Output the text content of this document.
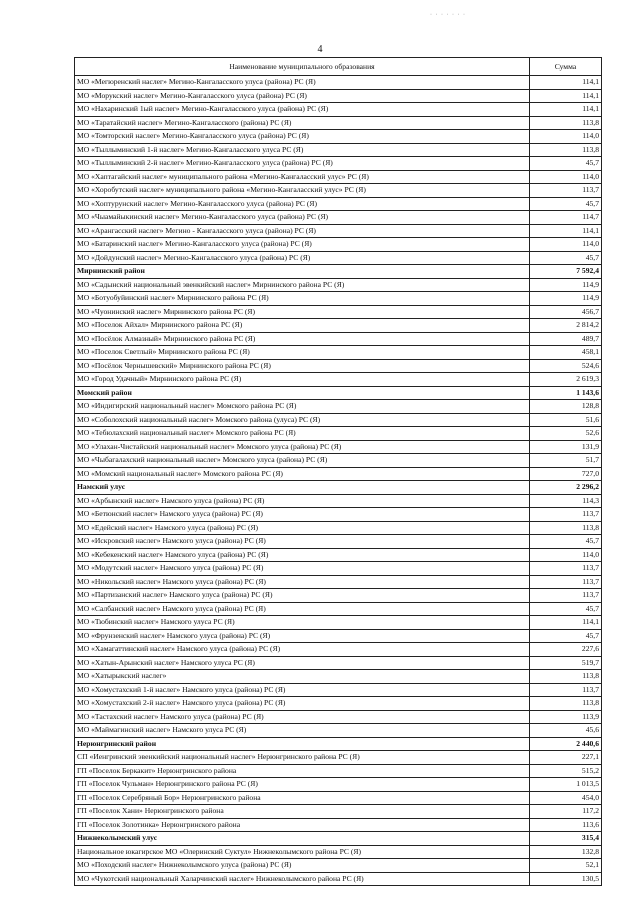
· · · · · · ·
4
Наименование муниципального образования	Сумма
МО «Мегюренский наслег» Мегино-Кангаласского улуса (района) РС (Я)	114,1
МО «Морукский наслег» Мегино-Кангаласского улуса (района) РС (Я)	114,1
МО «Нахаринский 1ый наслег» Мегино-Кангаласского улуса (района) РС (Я)	114,1
МО «Таратайский наслег» Мегино-Кангаласского (района) РС (Я)	113,8
МО «Томторский наслег» Мегино-Кангаласского улуса (района) РС (Я)	114,0
МО «Тыллыминский 1-й наслег» Мегино-Кангаласского улуса РС (Я)	113,8
МО «Тыллыминский 2-й наслег» Мегино-Кангаласского улуса (района) РС (Я)	45,7
МО «Хаптагайский наслег» муниципального района «Мегино-Кангаласский улус» РС (Я)	114,0
МО «Хоробутский наслег» муниципального района «Мегино-Кангаласский улус» РС (Я)	113,7
МО «Хоптурунский наслег» Мегино-Кангаласского улуса (района) РС (Я)	45,7
МО «Чыамайыкинский наслег» Мегино-Кангаласского улуса (района) РС (Я)	114,7
МО «Арангасский наслег» Мегино - Кангаласского улуса (района) РС (Я)	114,1
МО «Батаринский наслег» Мегино-Кангаласского улуса (района) РС (Я)	114,0
МО «Дойдунский наслег» Мегино-Кангаласского улуса (района) РС (Я)	45,7
Мирнинский район	7 592,4
МО «Садынский национальный эвенкийский наслег» Мирнинского района РС (Я)	114,9
МО «Ботуобуйинский наслег» Мирнинского района РС (Я)	114,9
МО «Чуонинский наслег» Мирнинского района РС (Я)	456,7
МО «Поселок Айхал» Мирнинского района РС (Я)	2 814,2
МО «Посёлок Алмазный» Мирнинского района РС (Я)	489,7
МО «Поселок Светлый» Мирнинского района РС (Я)	458,1
МО «Посёлок Чернышевский» Мирнинского района РС (Я)	524,6
МО «Город Удачный» Мирнинского района РС (Я)	2 619,3
Момский район	1 143,6
МО «Индигирский национальный наслег» Момского района РС (Я)	128,8
МО «Соболохский национальный наслег» Момского района (улуса) РС (Я)	51,6
МО «Тебюлахский национальный наслег» Момского района РС (Я)	52,6
МО «Улахан-Чистайский национальный наслег» Момского улуса (района) РС (Я)	131,9
МО «Чыбагалахский национальный наслег» Момского улуса (района) РС (Я)	51,7
МО «Момский национальный наслег» Момского района РС (Я)	727,0
Намский улус	2 296,2
МО «Арбынский наслег» Намского улуса (района) РС (Я)	114,3
МО «Бетюнский наслег» Намского улуса (района) РС (Я)	113,7
МО «Едейский наслег» Намского улуса (района) РС (Я)	113,8
МО «Искровский наслег» Намского улуса (района) РС (Я)	45,7
МО «Кебекенский наслег» Намского улуса (района) РС (Я)	114,0
МО «Модутский наслег» Намского улуса (района) РС (Я)	113,7
МО «Никольский наслег» Намского улуса (района) РС (Я)	113,7
МО «Партизанский наслег» Намского улуса (района) РС (Я)	113,7
МО «Салбанский наслег» Намского улуса (района) РС (Я)	45,7
МО «Тюбинский наслег» Намского улуса РС (Я)	114,1
МО «Фрунзенский наслег» Намского улуса (района) РС (Я)	45,7
МО «Хамагаттинский наслег» Намского улуса (района) РС (Я)	227,6
МО «Хатын-Арынский наслег» Намского улуса РС (Я)	519,7
МО «Хатырыкский наслег»	113,8
МО «Хомустахский 1-й наслег» Намского улуса (района) РС (Я)	113,7
МО «Хомустахский 2-й наслег» Намского улуса (района) РС (Я)	113,8
МО «Тастахский наслег» Намского улуса (района) РС (Я)	113,9
МО «Маймагинский наслег» Намского улуса РС (Я)	45,6
Нерюнгринский район	2 440,6
СП «Иенгринский эвенкийский национальный наслег» Нерюнгринского района РС (Я)	227,1
ГП «Поселок Беркакит» Нерюнгринского района	515,2
ГП «Поселок Чульман» Нерюнгринского района РС (Я)	1 013,5
ГП «Поселок Серебряный Бор» Нерюнгринского района	454,0
ГП «Поселок Хани» Нерюнгринского района	117,2
ГП «Поселок Золотинка» Нерюнгринского района	113,6
Нижнеколымский улус	315,4
Национальное юкагирское МО «Олеринский Суктул» Нижнеколымского района РС (Я)	132,8
МО «Походский наслег» Нижнеколымского улуса (района) РС (Я)	52,1
МО «Чукотский национальный Халарчинский наслег» Нижнеколымского района РС (Я)	130,5
